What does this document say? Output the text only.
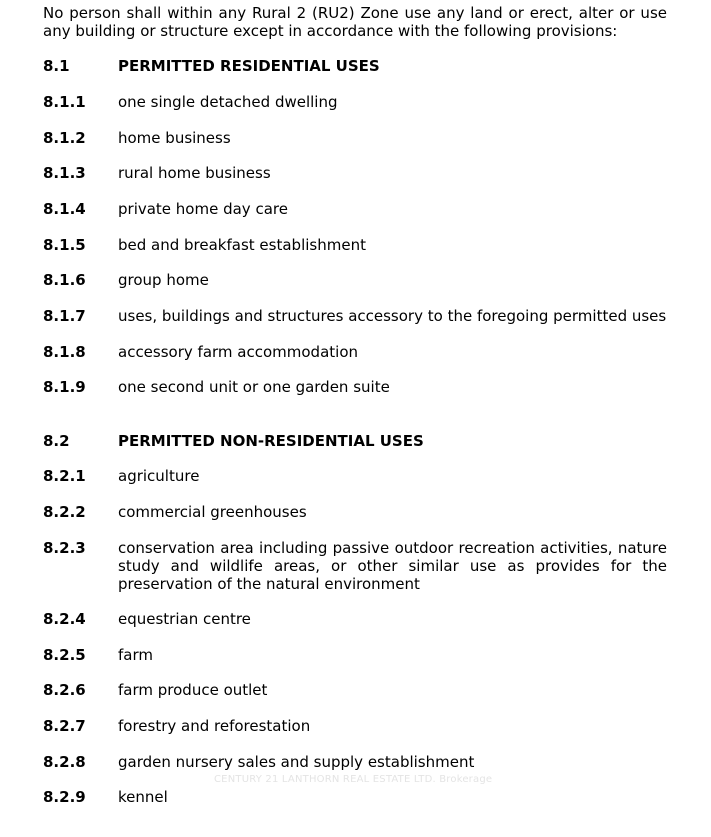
No person shall within any Rural 2 (RU2) Zone use any land or erect, alter or use any building or structure except in accordance with the following provisions:
8.1	PERMITTED RESIDENTIAL USES
8.1.1 one single detached dwelling
8.1.2 home business
8.1.3 rural home business
8.1.4 private home day care
8.1.5 bed and breakfast establishment
8.1.6 group home
8.1.7 uses, buildings and structures accessory to the foregoing permitted uses
8.1.8 accessory farm accommodation
8.1.9 one second unit or one garden suite
8.2	PERMITTED NON-RESIDENTIAL USES
8.2.1 agriculture
8.2.2 commercial greenhouses
8.2.3 conservation area including passive outdoor recreation activities, nature study and wildlife areas, or other similar use as provides for the preservation of the natural environment
8.2.4 equestrian centre
8.2.5 farm
8.2.6 farm produce outlet
8.2.7 forestry and reforestation
8.2.8 garden nursery sales and supply establishment
CENTURY 21 LANTHORN REAL ESTATE LTD. Brokerage
8.2.9 kennel
